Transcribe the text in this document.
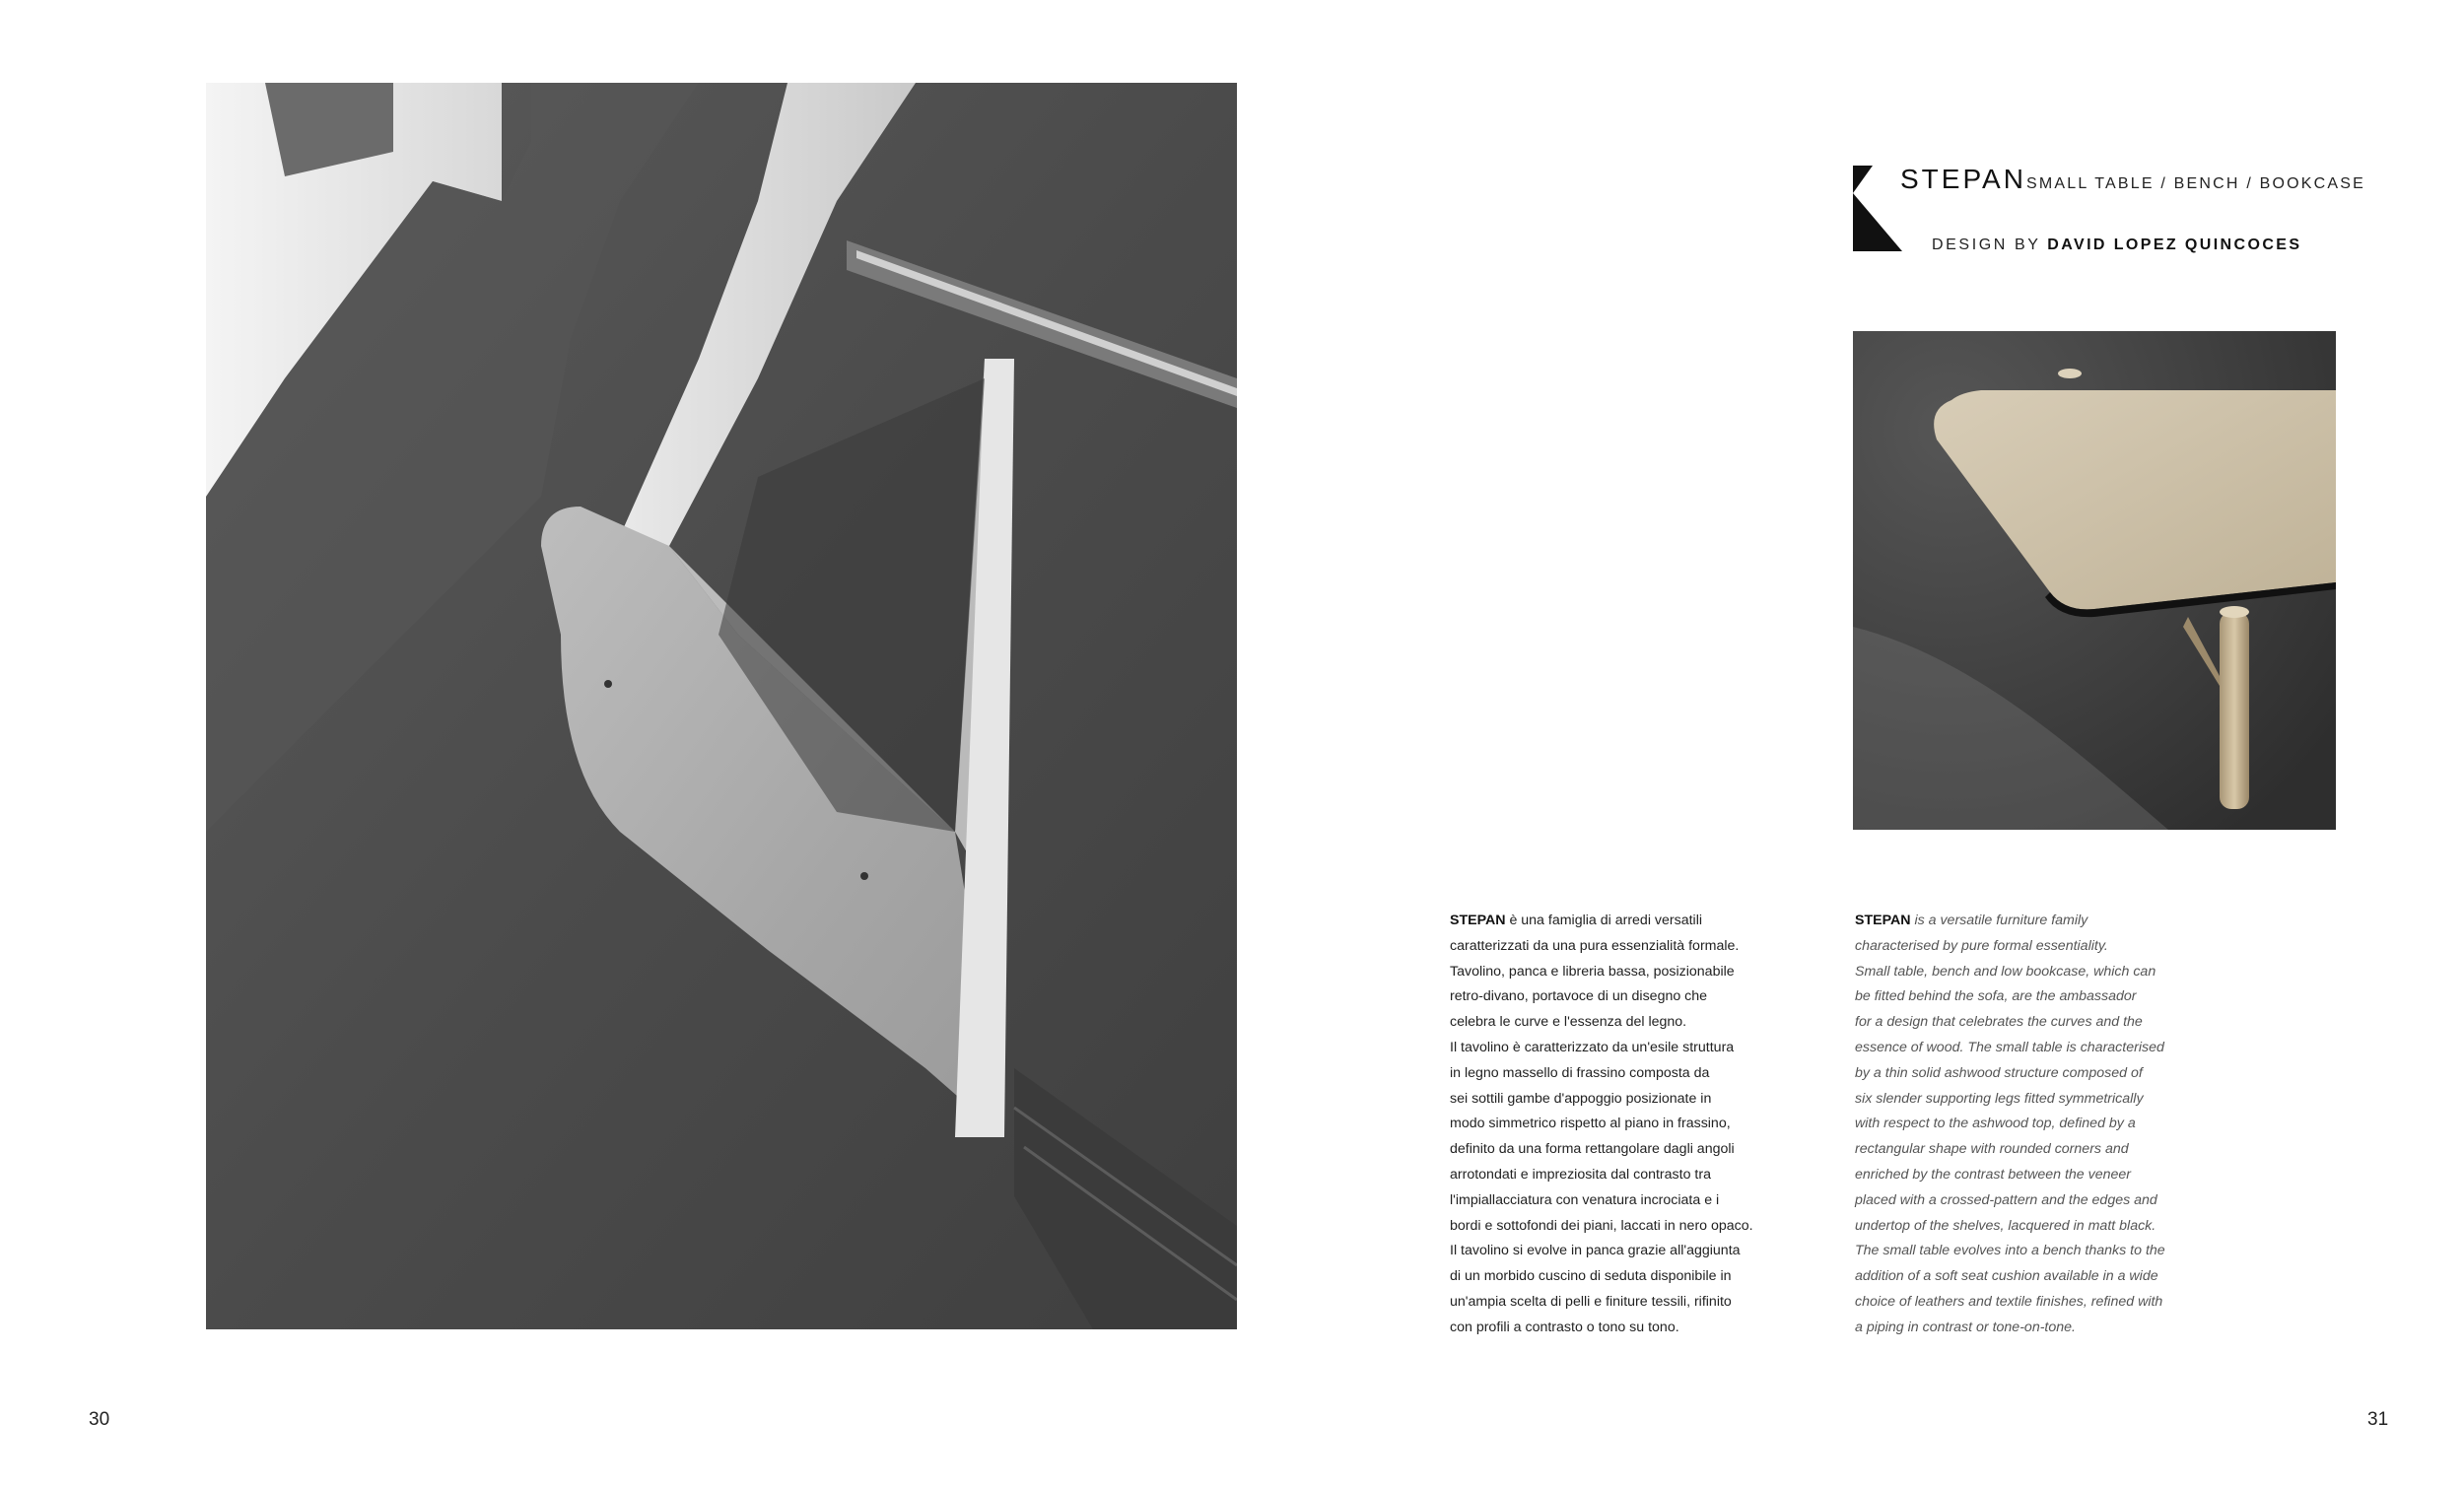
STEPAN SMALL TABLE / BENCH / BOOKCASE
DESIGN BY DAVID LOPEZ QUINCOCES
STEPAN è una famiglia di arredi versatili
caratterizzati da una pura essenzialità formale.
Tavolino, panca e libreria bassa, posizionabile
retro-divano, portavoce di un disegno che
celebra le curve e l'essenza del legno.
Il tavolino è caratterizzato da un'esile struttura
in legno massello di frassino composta da
sei sottili gambe d'appoggio posizionate in
modo simmetrico rispetto al piano in frassino,
definito da una forma rettangolare dagli angoli
arrotondati e impreziosita dal contrasto tra
l'impiallacciatura con venatura incrociata e i
bordi e sottofondi dei piani, laccati in nero opaco.
Il tavolino si evolve in panca grazie all'aggiunta
di un morbido cuscino di seduta disponibile in
un'ampia scelta di pelli e finiture tessili, rifinito
con profili a contrasto o tono su tono.
STEPAN is a versatile furniture family
characterised by pure formal essentiality.
Small table, bench and low bookcase, which can
be fitted behind the sofa, are the ambassador
for a design that celebrates the curves and the
essence of wood. The small table is characterised
by a thin solid ashwood structure composed of
six slender supporting legs fitted symmetrically
with respect to the ashwood top, defined by a
rectangular shape with rounded corners and
enriched by the contrast between the veneer
placed with a crossed-pattern and the edges and
undertop of the shelves, lacquered in matt black.
The small table evolves into a bench thanks to the
addition of a soft seat cushion available in a wide
choice of leathers and textile finishes, refined with
a piping in contrast or tone-on-tone.
30	31
